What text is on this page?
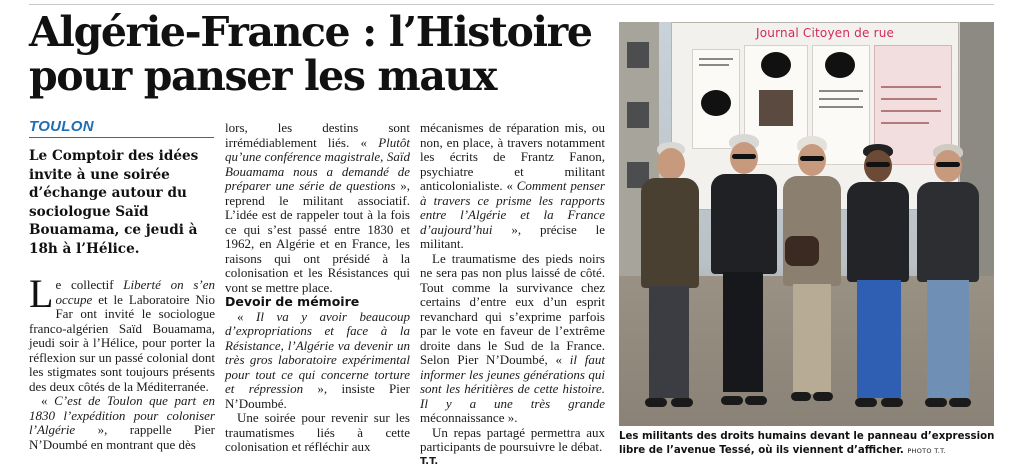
Algérie-France : l’Histoire
pour panser les maux
TOULON
Le Comptoir des idées invite à une soirée d’échange autour du sociologue Saïd Bouamama, ce jeudi à 18h à l’Hélice.

Le collectif Liberté on s’en occupe et le Laboratoire Nio Far ont invité le sociologue franco-algérien Saïd Bouamama, jeudi soir à l’Hélice, pour porter la réflexion sur un passé colonial dont les stigmates sont toujours présents des deux côtés de la Méditerranée.

« C’est de Toulon que part en 1830 l’expédition pour coloniser l’Algérie », rappelle Pier N’Doumbé en montrant que dès

lors, les destins sont irrémédiablement liés. « Plutôt qu’une conférence magistrale, Saïd Bouamama nous a demandé de préparer une série de questions », reprend le militant associatif. L’idée est de rappeler tout à la fois ce qui s’est passé entre 1830 et 1962, en Algérie et en France, les raisons qui ont présidé à la colonisation et les Résistances qui vont se mettre place.

Devoir de mémoire

« Il va y avoir beaucoup d’expropriations et face à la Résistance, l’Algérie va devenir un très gros laboratoire expérimental pour tout ce qui concerne torture et répression », insiste Pier N’Doumbé.

Une soirée pour revenir sur les traumatismes liés à cette colonisation et réfléchir aux

mécanismes de réparation mis, ou non, en place, à travers notamment les écrits de Frantz Fanon, psychiatre et militant anticolonialiste. « Comment penser à travers ce prisme les rapports entre l’Algérie et la France d’aujourd’hui », précise le militant.

Le traumatisme des pieds noirs ne sera pas non plus laissé de côté. Tout comme la survivance chez certains d’entre eux d’un esprit revanchard qui s’exprime parfois par le vote en faveur de l’extrême droite dans le Sud de la France. Selon Pier N’Doumbé, « il faut informer les jeunes générations qui sont les héritières de cette histoire. Il y a une très grande méconnaissance ».

Un repas partagé permettra aux participants de poursuivre le débat.

T.T.

Journal Citoyen de rue
Les militants des droits humains devant le panneau d’expression libre de l’avenue Tessé, où ils viennent d’afficher. PHOTO T.T.
